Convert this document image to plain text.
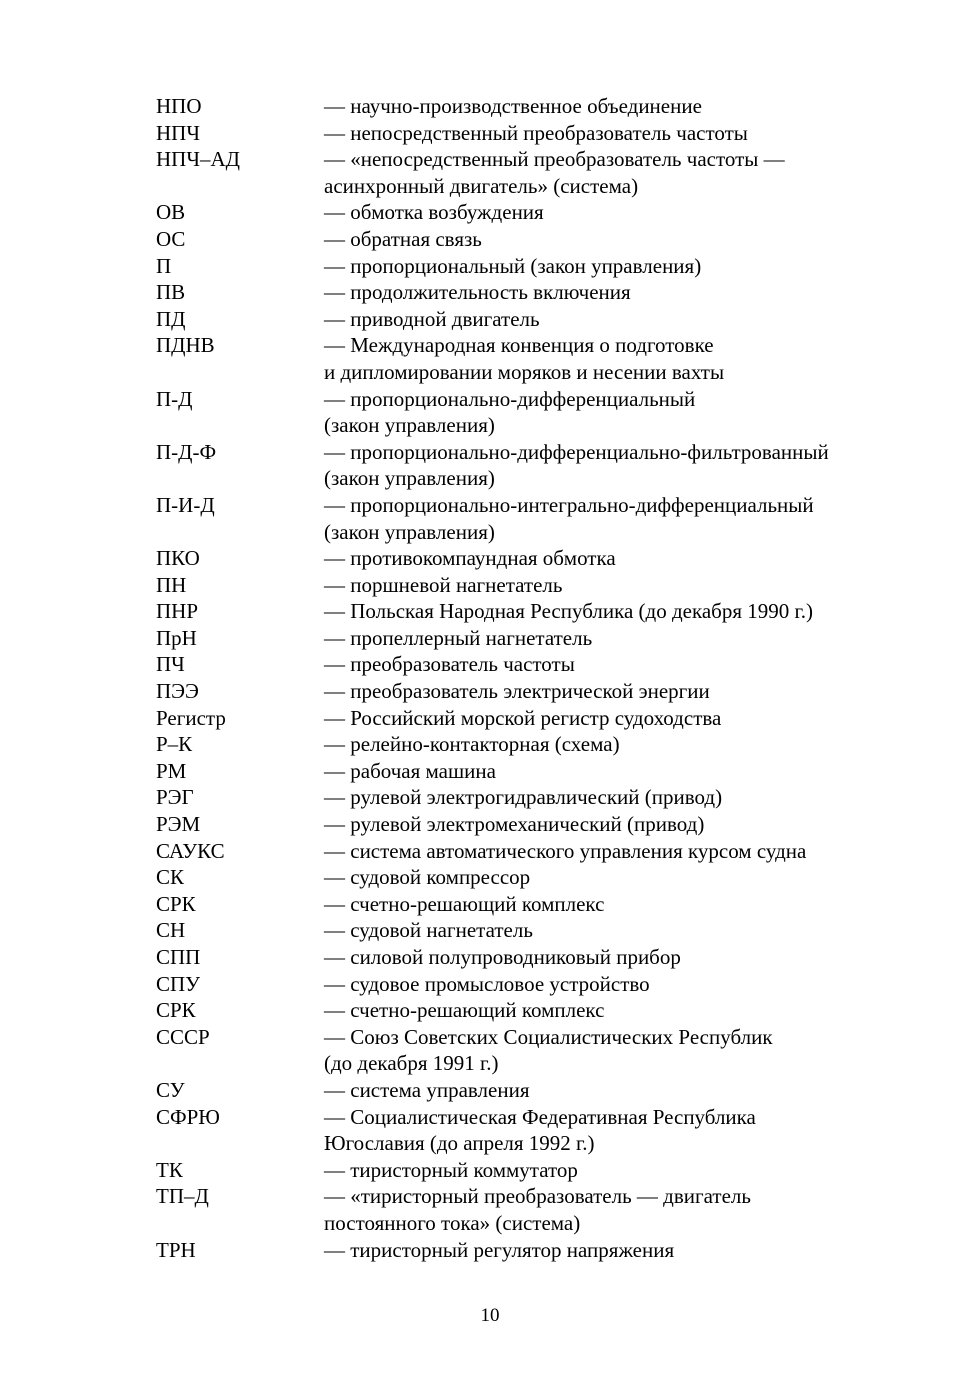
НПО	— научно-производственное объединение
НПЧ	— непосредственный преобразователь частоты
НПЧ–АД	— «непосредственный преобразователь частоты —
асинхронный двигатель» (система)
ОВ	— обмотка возбуждения
ОС	— обратная связь
П	— пропорциональный (закон управления)
ПВ	— продолжительность включения
ПД	— приводной двигатель
ПДНВ	— Международная конвенция о подготовке
и дипломировании моряков и несении вахты
П-Д	— пропорционально-дифференциальный
(закон управления)
П-Д-Ф	— пропорционально-дифференциально-фильтрованный
(закон управления)
П-И-Д	— пропорционально-интегрально-дифференциальный
(закон управления)
ПКО	— противокомпаундная обмотка
ПН	— поршневой нагнетатель
ПНР	— Польская Народная Республика (до декабря 1990 г.)
ПрН	— пропеллерный нагнетатель
ПЧ	— преобразователь частоты
ПЭЭ	— преобразователь электрической энергии
Регистр	— Российский морской регистр судоходства
Р–К	— релейно-контакторная (схема)
РМ	— рабочая машина
РЭГ	— рулевой электрогидравлический (привод)
РЭМ	— рулевой электромеханический (привод)
САУКС	— система автоматического управления курсом судна
СК	— судовой компрессор
СРК	— счетно-решающий комплекс
СН	— судовой нагнетатель
СПП	— силовой полупроводниковый прибор
СПУ	— судовое промысловое устройство
СРК	— счетно-решающий комплекс
СССР	— Союз Советских Социалистических Республик
(до декабря 1991 г.)
СУ	— система управления
СФРЮ	— Социалистическая Федеративная Республика
Югославия (до апреля 1992 г.)
ТК	— тиристорный коммутатор
ТП–Д	— «тиристорный преобразователь — двигатель
постоянного тока» (система)
ТРН	— тиристорный регулятор напряжения
10
